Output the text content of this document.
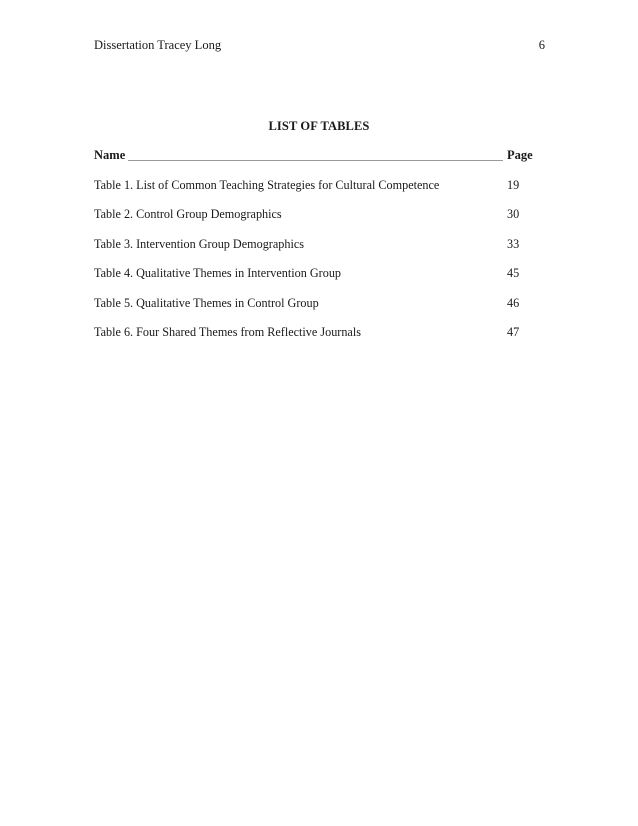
Dissertation Tracey Long	6
LIST OF TABLES
Name	Page
Table 1. List of Common Teaching Strategies for Cultural Competence	19
Table 2. Control Group Demographics	30
Table 3. Intervention Group Demographics	33
Table 4. Qualitative Themes in Intervention Group	45
Table 5. Qualitative Themes in Control Group	46
Table 6. Four Shared Themes from Reflective Journals	47
